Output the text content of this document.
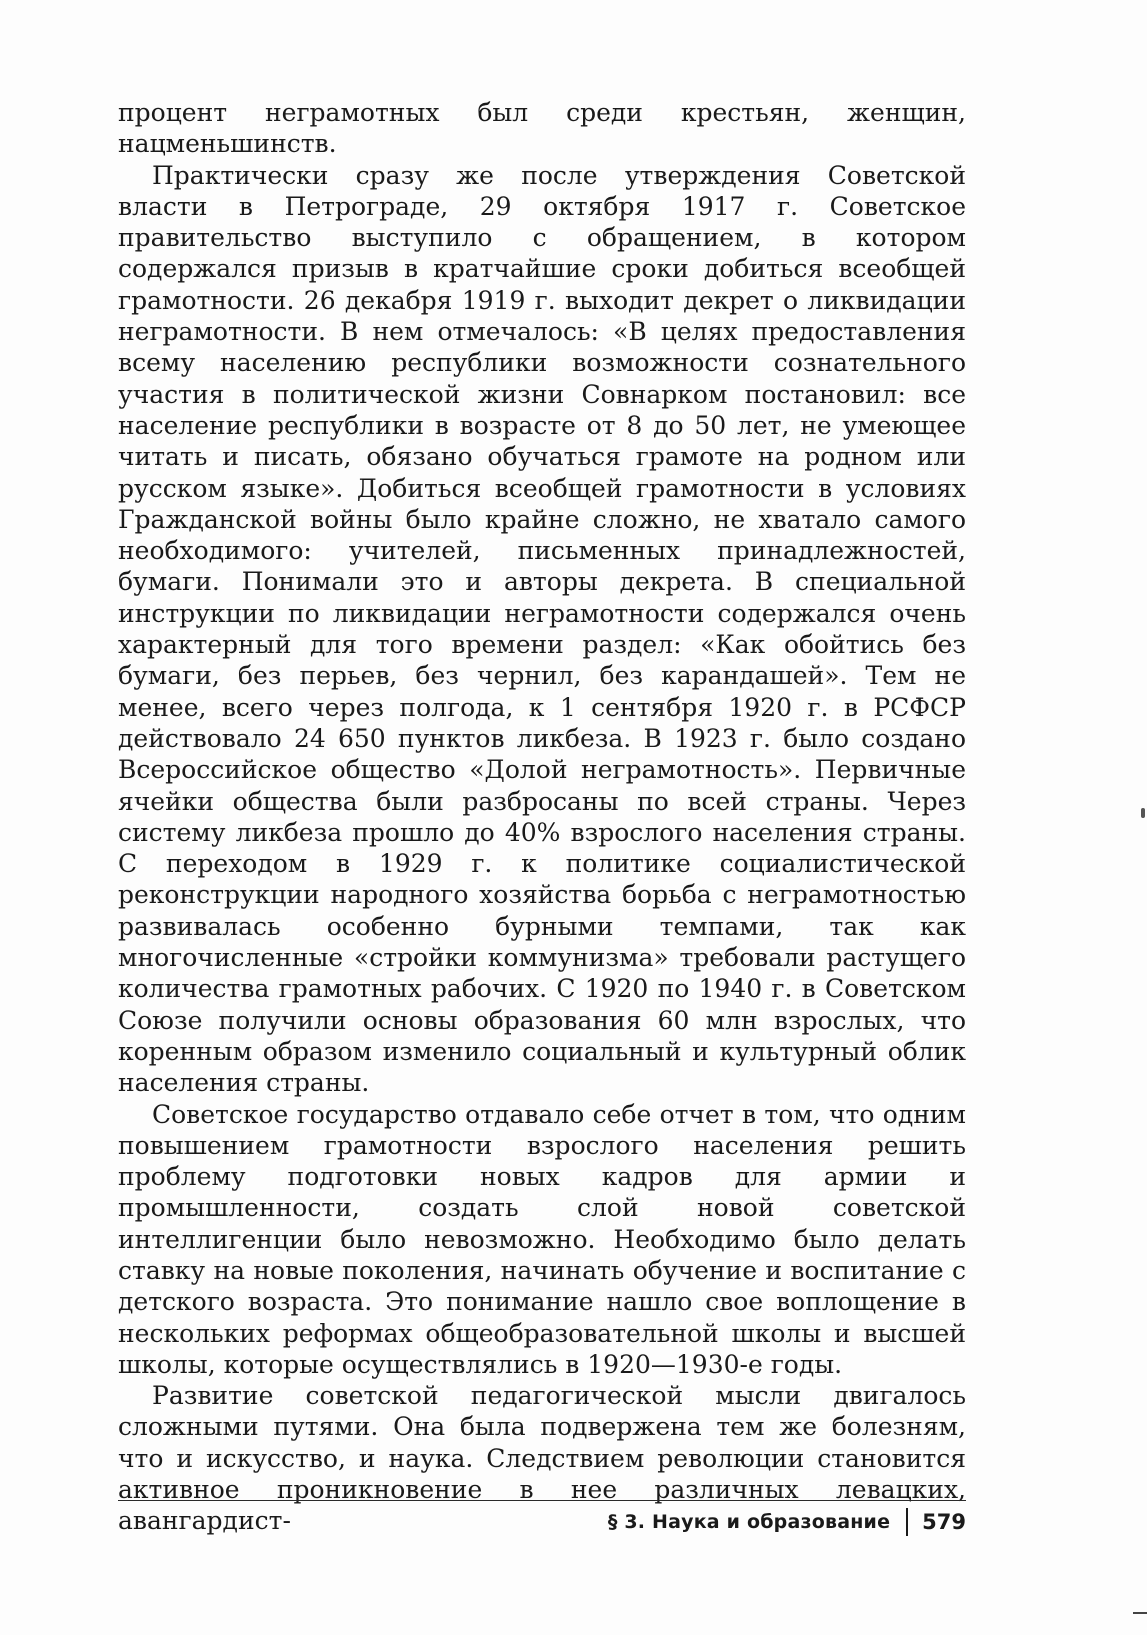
процент неграмотных был среди крестьян, женщин, нацменьшинств.

Практически сразу же после утверждения Советской власти в Петрограде, 29 октября 1917 г. Советское правительство выступило с обращением, в котором содержался призыв в кратчайшие сроки добиться всеобщей грамотности. 26 декабря 1919 г. выходит декрет о ликвидации неграмотности. В нем отмечалось: «В целях предоставления всему населению республики возможности сознательного участия в политической жизни Совнарком постановил: все население республики в возрасте от 8 до 50 лет, не умеющее читать и писать, обязано обучаться грамоте на родном или русском языке». Добиться всеобщей грамотности в условиях Гражданской войны было крайне сложно, не хватало самого необходимого: учителей, письменных принадлежностей, бумаги. Понимали это и авторы декрета. В специальной инструкции по ликвидации неграмотности содержался очень характерный для того времени раздел: «Как обойтись без бумаги, без перьев, без чернил, без карандашей». Тем не менее, всего через полгода, к 1 сентября 1920 г. в РСФСР действовало 24 650 пунктов ликбеза. В 1923 г. было создано Всероссийское общество «Долой неграмотность». Первичные ячейки общества были разбросаны по всей страны. Через систему ликбеза прошло до 40% взрослого населения страны. С переходом в 1929 г. к политике социалистической реконструкции народного хозяйства борьба с неграмотностью развивалась особенно бурными темпами, так как многочисленные «стройки коммунизма» требовали растущего количества грамотных рабочих. С 1920 по 1940 г. в Советском Союзе получили основы образования 60 млн взрослых, что коренным образом изменило социальный и культурный облик населения страны.

Советское государство отдавало себе отчет в том, что одним повышением грамотности взрослого населения решить проблему подготовки новых кадров для армии и промышленности, создать слой новой советской интеллигенции было невозможно. Необходимо было делать ставку на новые поколения, начинать обучение и воспитание с детского возраста. Это понимание нашло свое воплощение в нескольких реформах общеобразовательной школы и высшей школы, которые осуществлялись в 1920—1930-е годы.

Развитие советской педагогической мысли двигалось сложными путями. Она была подвержена тем же болезням, что и искусство, и наука. Следствием революции становится активное проникновение в нее различных левацких, авангардист-	§ 3. Наука и образование 579
